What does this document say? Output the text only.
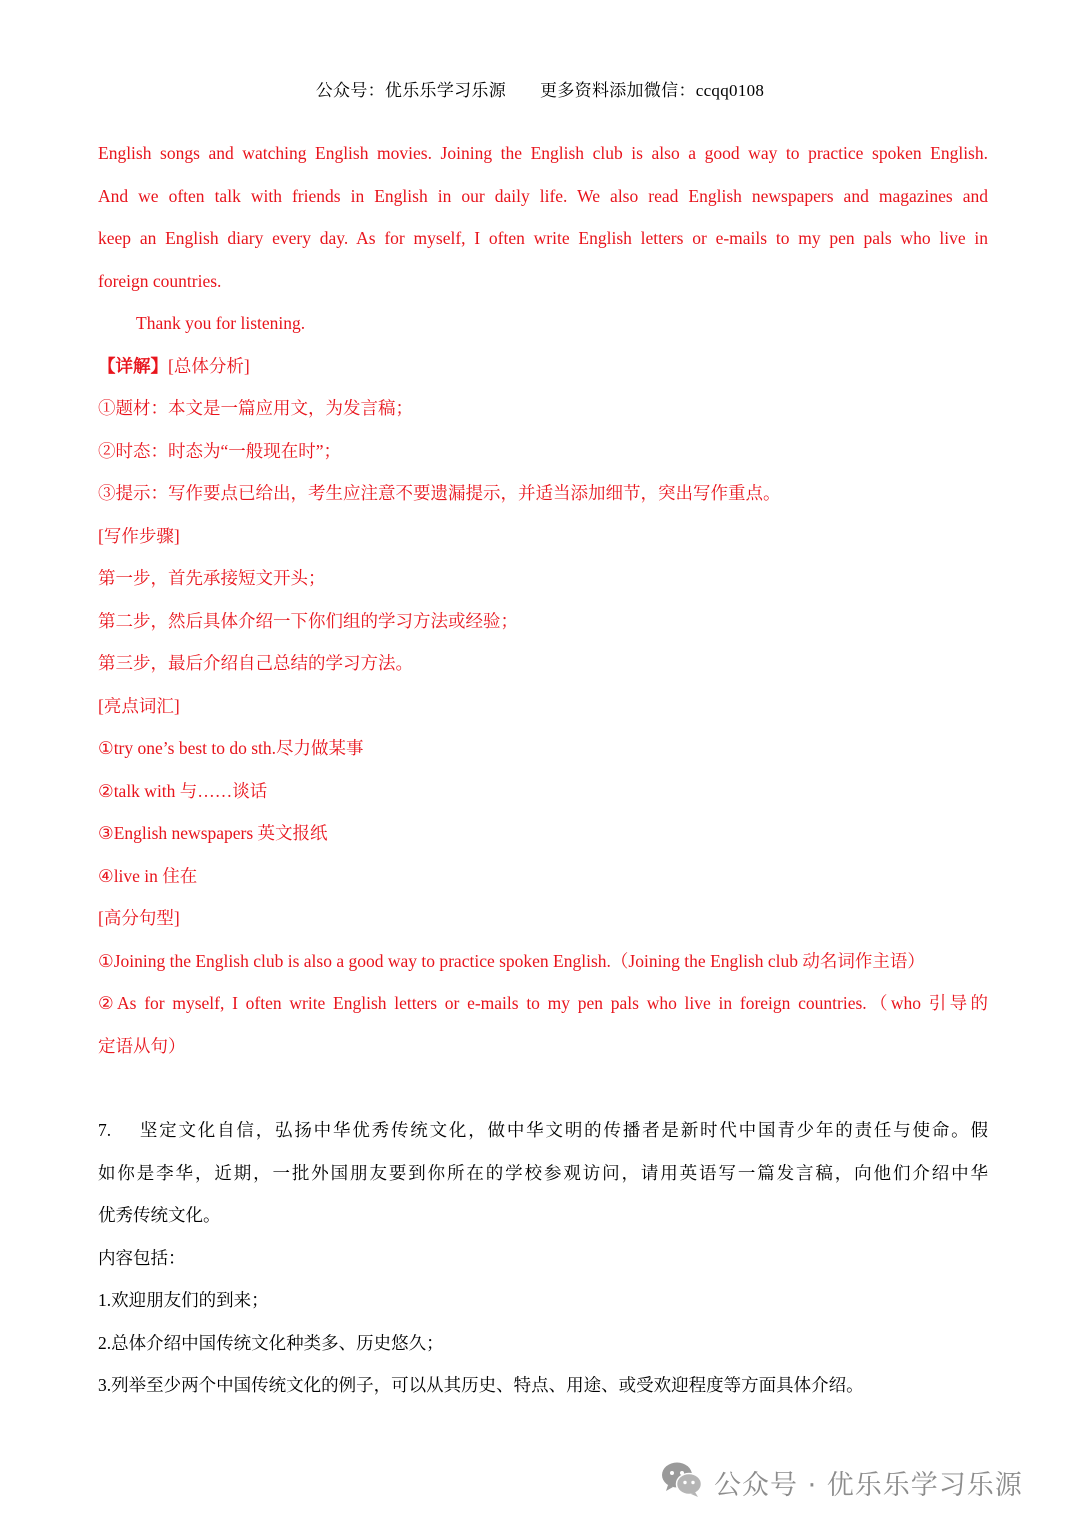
公众号：优乐乐学习乐源 更多资料添加微信：ccqq0108

English songs and watching English movies. Joining the English club is also a good way to practice spoken English.

And we often talk with friends in English in our daily life. We also read English newspapers and magazines and

keep an English diary every day. As for myself, I often write English letters or e-mails to my pen pals who live in

foreign countries.

Thank you for listening.

【详解】[总体分析]

①题材：本文是一篇应用文，为发言稿；

②时态：时态为“一般现在时”；

③提示：写作要点已给出，考生应注意不要遗漏提示，并适当添加细节，突出写作重点。

[写作步骤]

第一步，首先承接短文开头；

第二步，然后具体介绍一下你们组的学习方法或经验；

第三步，最后介绍自己总结的学习方法。

[亮点词汇]

①try one’s best to do sth.尽力做某事

②talk with 与……谈话

③English newspapers 英文报纸

④live in 住在

[高分句型]

①Joining the English club is also a good way to practice spoken English.（Joining the English club 动名词作主语）

②As for myself, I often write English letters or e-mails to my pen pals who live in foreign countries.（who 引导的

定语从句）

7. 坚定文化自信，弘扬中华优秀传统文化，做中华文明的传播者是新时代中国青少年的责任与使命。假

如你是李华，近期，一批外国朋友要到你所在的学校参观访问，请用英语写一篇发言稿，向他们介绍中华

优秀传统文化。

内容包括：

1.欢迎朋友们的到来；

2.总体介绍中国传统文化种类多、历史悠久；

3.列举至少两个中国传统文化的例子，可以从其历史、特点、用途、或受欢迎程度等方面具体介绍。

公众号 · 优乐乐学习乐源
